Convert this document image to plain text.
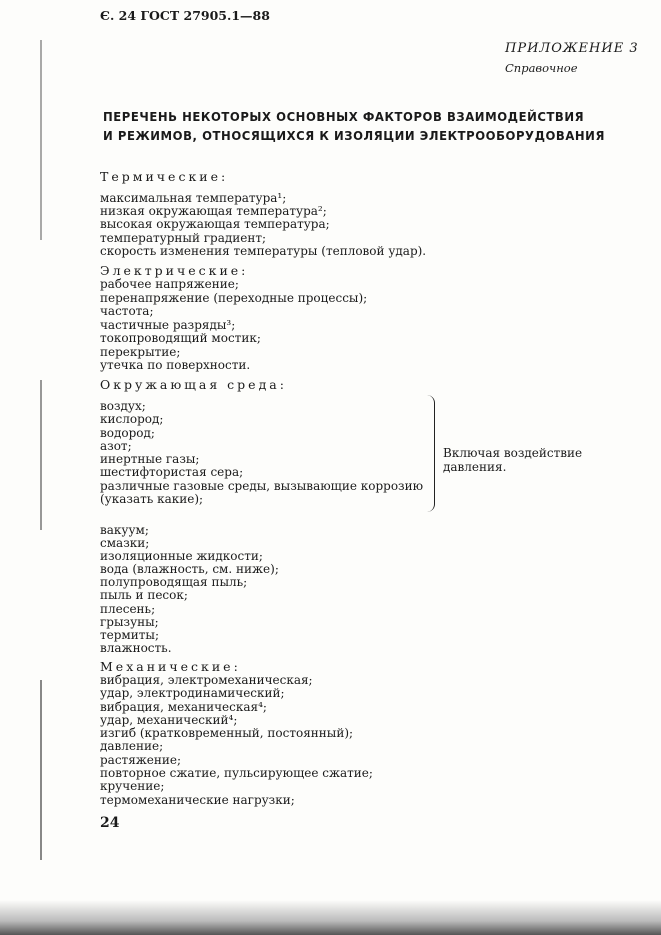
Є. 24 ГОСТ 27905.1—88
ПРИЛОЖЕНИЕ 3
Справочное
ПЕРЕЧЕНЬ НЕКОТОРЫХ ОСНОВНЫХ ФАКТОРОВ ВЗАИМОДЕЙСТВИЯ
И РЕЖИМОВ, ОТНОСЯЩИХСЯ К ИЗОЛЯЦИИ ЭЛЕКТРООБОРУДОВАНИЯ
Термические:
максимальная температура¹;
низкая окружающая температура²;
высокая окружающая температура;
температурный градиент;
скорость изменения температуры (тепловой удар).
Электрические:
рабочее напряжение;
перенапряжение (переходные процессы);
частота;
частичные разряды³;
токопроводящий мостик;
перекрытие;
утечка по поверхности.
Окружающая среда:
воздух;
кислород;
водород;
азот;
инертные газы;
шестифтористая сера;
различные газовые среды, вызывающие коррозию
(указать какие);
Включая воздействие
давления.
вакуум;
смазки;
изоляционные жидкости;
вода (влажность, см. ниже);
полупроводящая пыль;
пыль и песок;
плесень;
грызуны;
термиты;
влажность.
Механические:
вибрация, электромеханическая;
удар, электродинамический;
вибрация, механическая⁴;
удар, механический⁴;
изгиб (кратковременный, постоянный);
давление;
растяжение;
повторное сжатие, пульсирующее сжатие;
кручение;
термомеханические нагрузки;
24
